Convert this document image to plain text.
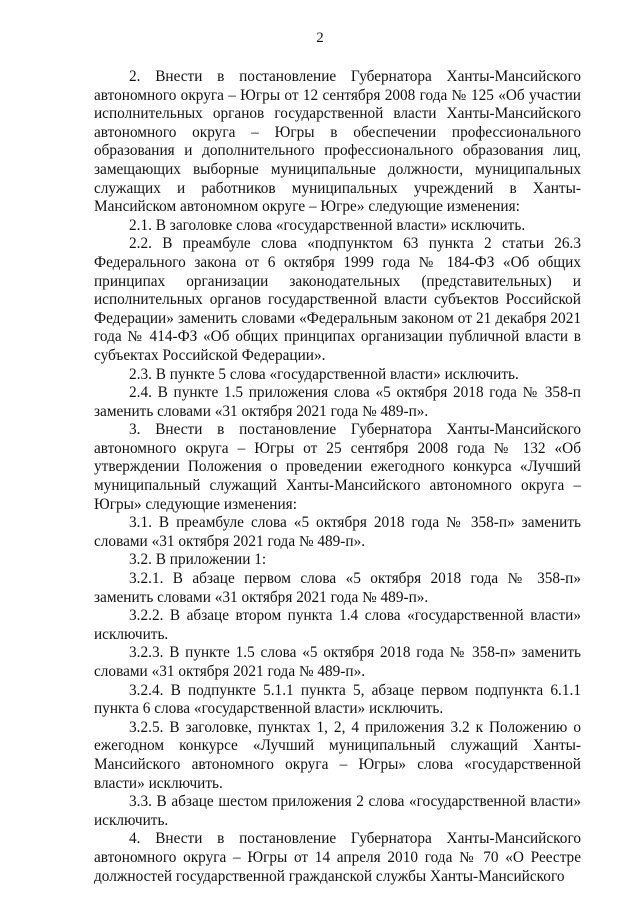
2

2. Внести в постановление Губернатора Ханты-Мансийского автономного округа – Югры от 12 сентября 2008 года № 125 «Об участии исполнительных органов государственной власти Ханты-Мансийского автономного округа – Югры в обеспечении профессионального образования и дополнительного профессионального образования лиц, замещающих выборные муниципальные должности, муниципальных служащих и работников муниципальных учреждений в Ханты-Мансийском автономном округе – Югре» следующие изменения:

2.1. В заголовке слова «государственной власти» исключить.

2.2. В преамбуле слова «подпунктом 63 пункта 2 статьи 26.3 Федерального закона от 6 октября 1999 года № 184-ФЗ «Об общих принципах организации законодательных (представительных) и исполнительных органов государственной власти субъектов Российской Федерации» заменить словами «Федеральным законом от 21 декабря 2021 года № 414-ФЗ «Об общих принципах организации публичной власти в субъектах Российской Федерации».

2.3. В пункте 5 слова «государственной власти» исключить.

2.4. В пункте 1.5 приложения слова «5 октября 2018 года № 358-п заменить словами «31 октября 2021 года № 489-п».

3. Внести в постановление Губернатора Ханты-Мансийского автономного округа – Югры от 25 сентября 2008 года № 132 «Об утверждении Положения о проведении ежегодного конкурса «Лучший муниципальный служащий Ханты-Мансийского автономного округа – Югры» следующие изменения:

3.1. В преамбуле слова «5 октября 2018 года № 358-п» заменить словами «31 октября 2021 года № 489-п».

3.2. В приложении 1:

3.2.1. В абзаце первом слова «5 октября 2018 года № 358-п» заменить словами «31 октября 2021 года № 489-п».

3.2.2. В абзаце втором пункта 1.4 слова «государственной власти» исключить.

3.2.3. В пункте 1.5 слова «5 октября 2018 года № 358-п» заменить словами «31 октября 2021 года № 489-п».

3.2.4. В подпункте 5.1.1 пункта 5, абзаце первом подпункта 6.1.1 пункта 6 слова «государственной власти» исключить.

3.2.5. В заголовке, пунктах 1, 2, 4 приложения 3.2 к Положению о ежегодном конкурсе «Лучший муниципальный служащий Ханты-Мансийского автономного округа – Югры» слова «государственной власти» исключить.

3.3. В абзаце шестом приложения 2 слова «государственной власти» исключить.

4. Внести в постановление Губернатора Ханты-Мансийского автономного округа – Югры от 14 апреля 2010 года № 70 «О Реестре должностей государственной гражданской службы Ханты-Мансийского
